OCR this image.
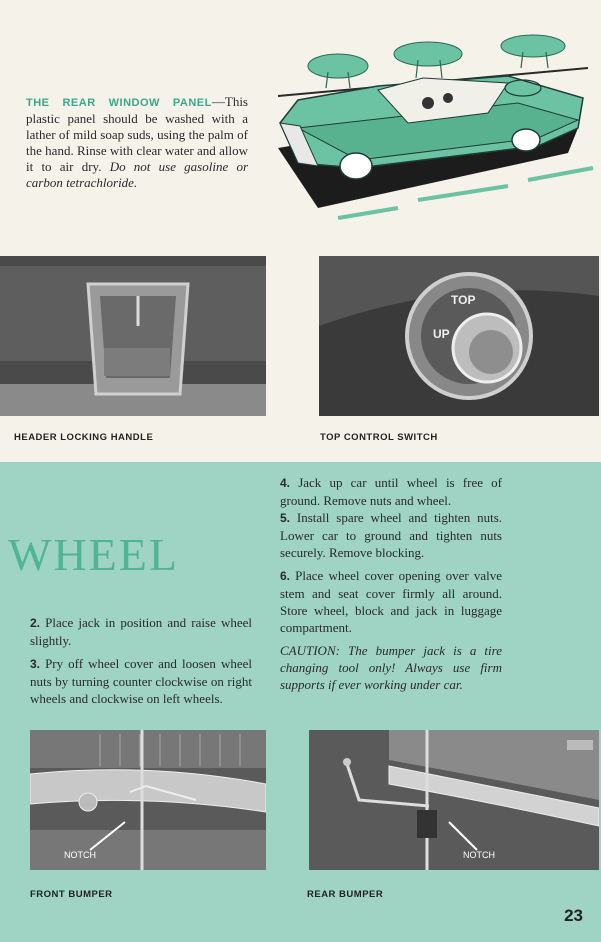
THE REAR WINDOW PANEL—This plastic panel should be washed with a lather of mild soap suds, using the palm of the hand. Rinse with clear water and allow it to air dry. Do not use gasoline or carbon tetrachloride.
HEADER LOCKING HANDLE
UP
TOP
TOP CONTROL SWITCH
WHEEL

2. Place jack in position and raise wheel slightly.

3. Pry off wheel cover and loosen wheel nuts by turning counter clockwise on right wheels and clockwise on left wheels.

4. Jack up car until wheel is free of ground. Remove nuts and wheel.

5. Install spare wheel and tighten nuts. Lower car to ground and tighten nuts securely. Remove blocking.

6. Place wheel cover opening over valve stem and seat cover firmly all around. Store wheel, block and jack in luggage compartment.

CAUTION: The bumper jack is a tire changing tool only! Always use firm supports if ever working under car.

NOTCH
FRONT BUMPER
NOTCH
REAR BUMPER
23
